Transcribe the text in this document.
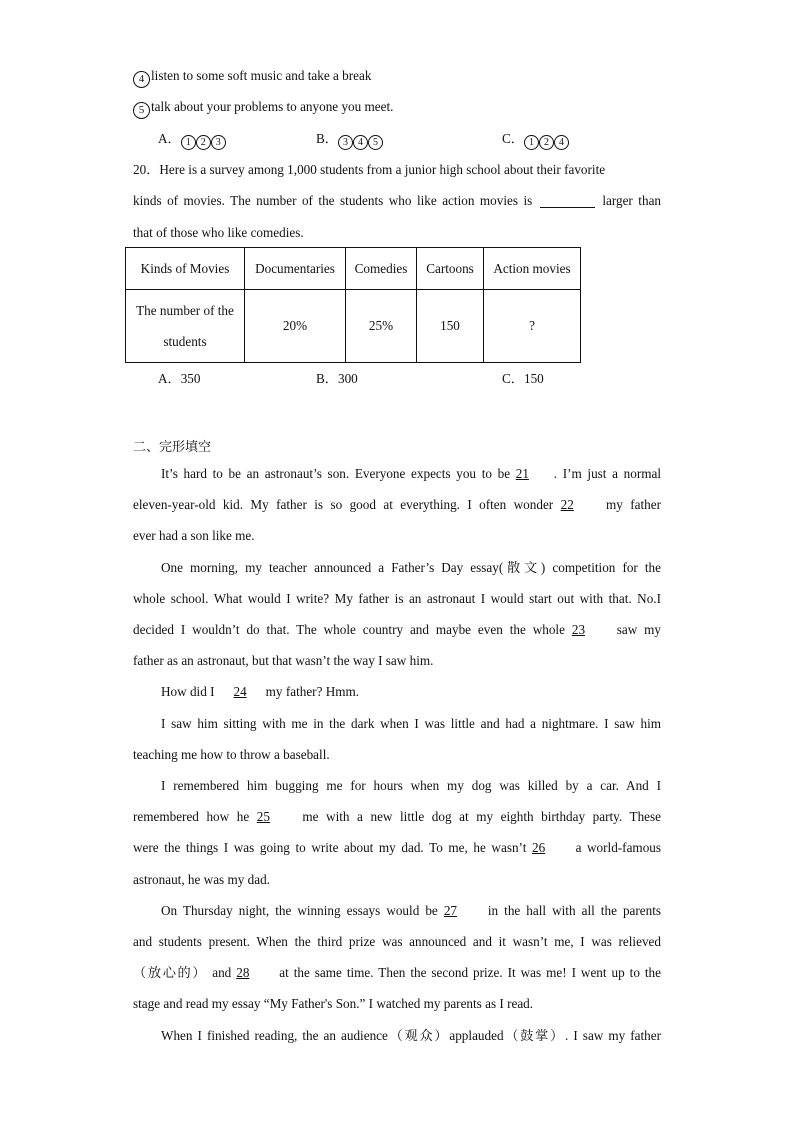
4 listen to some soft music and take a break
5 talk about your problems to anyone you meet.
A． 1 2 3	B． 3 4 5	C． 1 2 4
20．Here is a survey among 1,000 students from a junior high school about their favorite
kinds of movies. The number of the students who like action movies is	larger than
that of those who like comedies.
Kinds of Movies	Documentaries	Comedies	Cartoons	Action movies
The number of the
students	20%	25%	150	?
A．350	B．300	C．150
二、完形填空
It’s hard to be an astronaut’s son. Everyone expects you to be 21 . I’m just a normal
eleven-year-old kid. My father is so good at everything. I often wonder 22 my father
ever had a son like me.
One morning, my teacher announced a Father’s Day essay(散文) competition for the
whole school. What would I write? My father is an astronaut I would start out with that. No.I
decided I wouldn’t do that. The whole country and maybe even the whole 23 saw my
father as an astronaut, but that wasn’t the way I saw him.
How did I 24 my father? Hmm.
I saw him sitting with me in the dark when I was little and had a nightmare. I saw him
teaching me how to throw a baseball.
I remembered him bugging me for hours when my dog was killed by a car. And I
remembered how he 25 me with a new little dog at my eighth birthday party. These
were the things I was going to write about my dad. To me, he wasn’t 26 a world-famous
astronaut, he was my dad.
On Thursday night, the winning essays would be 27 in the hall with all the parents
and students present. When the third prize was announced and it wasn’t me, I was relieved
（放心的） and 28 at the same time. Then the second prize. It was me! I went up to the
stage and read my essay “My Father's Son.” I watched my parents as I read.
When I finished reading, the an audience（观众）applauded（鼓掌）. I saw my father
